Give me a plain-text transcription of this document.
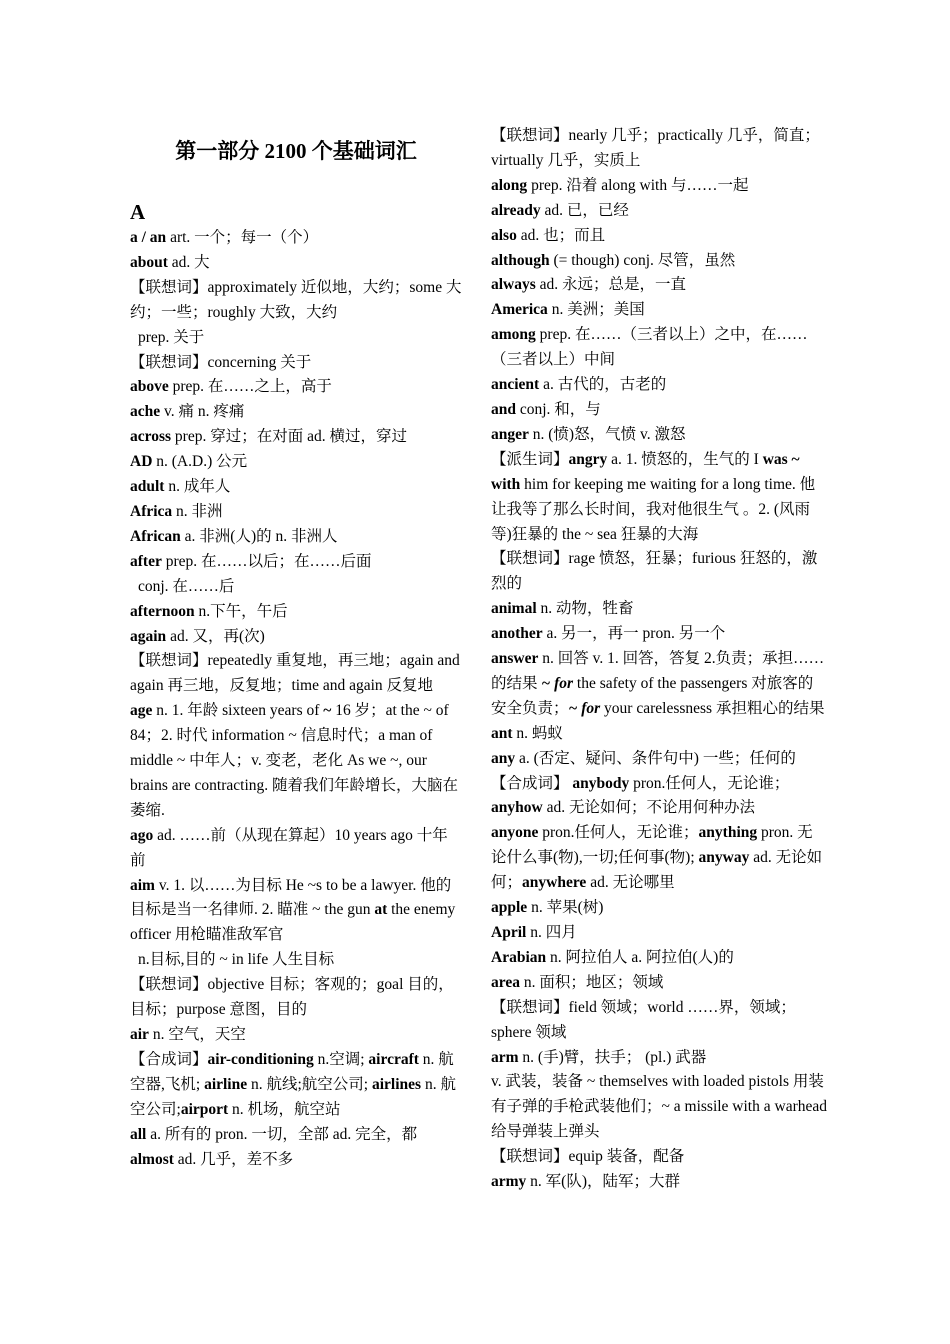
第一部分 2100 个基础词汇
A
a / an art. 一个；每一（个）
about ad. 大
【联想词】approximately 近似地，大约；some 大约；一些；roughly 大致，大约
prep. 关于
【联想词】concerning 关于
above prep. 在……之上，高于
ache v. 痛 n. 疼痛
across prep. 穿过；在对面 ad. 横过，穿过
AD n. (A.D.) 公元
adult n. 成年人
Africa n. 非洲
African a. 非洲(人)的 n. 非洲人
after prep. 在……以后；在……后面
conj. 在……后
afternoon n.下午，午后
again ad. 又，再(次)
【联想词】repeatedly 重复地，再三地；again and again 再三地，反复地；time and again 反复地
age n. 1. 年龄 sixteen years of ~ 16 岁；at the ~ of 84；2. 时代 information ~ 信息时代；a man of middle ~ 中年人；v. 变老，老化 As we ~, our brains are contracting. 随着我们年龄增长，大脑在萎缩.
ago ad. ……前（从现在算起）10 years ago 十年前
aim v. 1. 以……为目标 He ~s to be a lawyer. 他的目标是当一名律师. 2. 瞄准 ~ the gun at the enemy officer 用枪瞄准敌军官
n.目标,目的 ~ in life 人生目标
【联想词】objective 目标；客观的；goal 目的，目标；purpose 意图，目的
air n. 空气，天空
【合成词】air-conditioning n.空调; aircraft n. 航空器,飞机; airline n. 航线;航空公司; airlines n. 航空公司;airport n. 机场，航空站
all a. 所有的 pron. 一切，全部 ad. 完全，都
almost ad. 几乎，差不多
【联想词】nearly 几乎；practically 几乎，简直；virtually 几乎，实质上
along prep. 沿着 along with 与……一起
already ad. 已，已经
also ad. 也；而且
although (= though) conj. 尽管，虽然
always ad. 永远；总是，一直
America n. 美洲；美国
among prep. 在……（三者以上）之中，在……（三者以上）中间
ancient a. 古代的，古老的
and conj. 和，与
anger n. (愤)怒，气愤 v. 激怒
【派生词】angry a. 1. 愤怒的，生气的 I was ~ with him for keeping me waiting for a long time. 他让我等了那么长时间，我对他很生气 。2. (风雨等)狂暴的 the ~ sea 狂暴的大海
【联想词】rage 愤怒，狂暴；furious 狂怒的，激烈的
animal n. 动物，牲畜
another a. 另一，再一 pron. 另一个
answer n. 回答 v. 1. 回答，答复 2.负责；承担……的结果 ~ for the safety of the passengers 对旅客的安全负责；~ for your carelessness 承担粗心的结果
ant n. 蚂蚁
any a. (否定、疑问、条件句中) 一些；任何的
【合成词】 anybody pron.任何人，无论谁；anyhow ad. 无论如何；不论用何种办法
anyone pron.任何人，无论谁；anything pron. 无论什么事(物),一切;任何事(物); anyway ad. 无论如何；anywhere ad. 无论哪里
apple n. 苹果(树)
April n. 四月
Arabian n. 阿拉伯人 a. 阿拉伯(人)的
area n. 面积；地区；领域
【联想词】field 领域；world ……界，领域；sphere 领域
arm n. (手)臂，扶手； (pl.) 武器
v. 武装，装备 ~ themselves with loaded pistols 用装有子弹的手枪武装他们；~ a missile with a warhead 给导弹装上弹头
【联想词】equip 装备，配备
army n. 军(队)，陆军；大群
